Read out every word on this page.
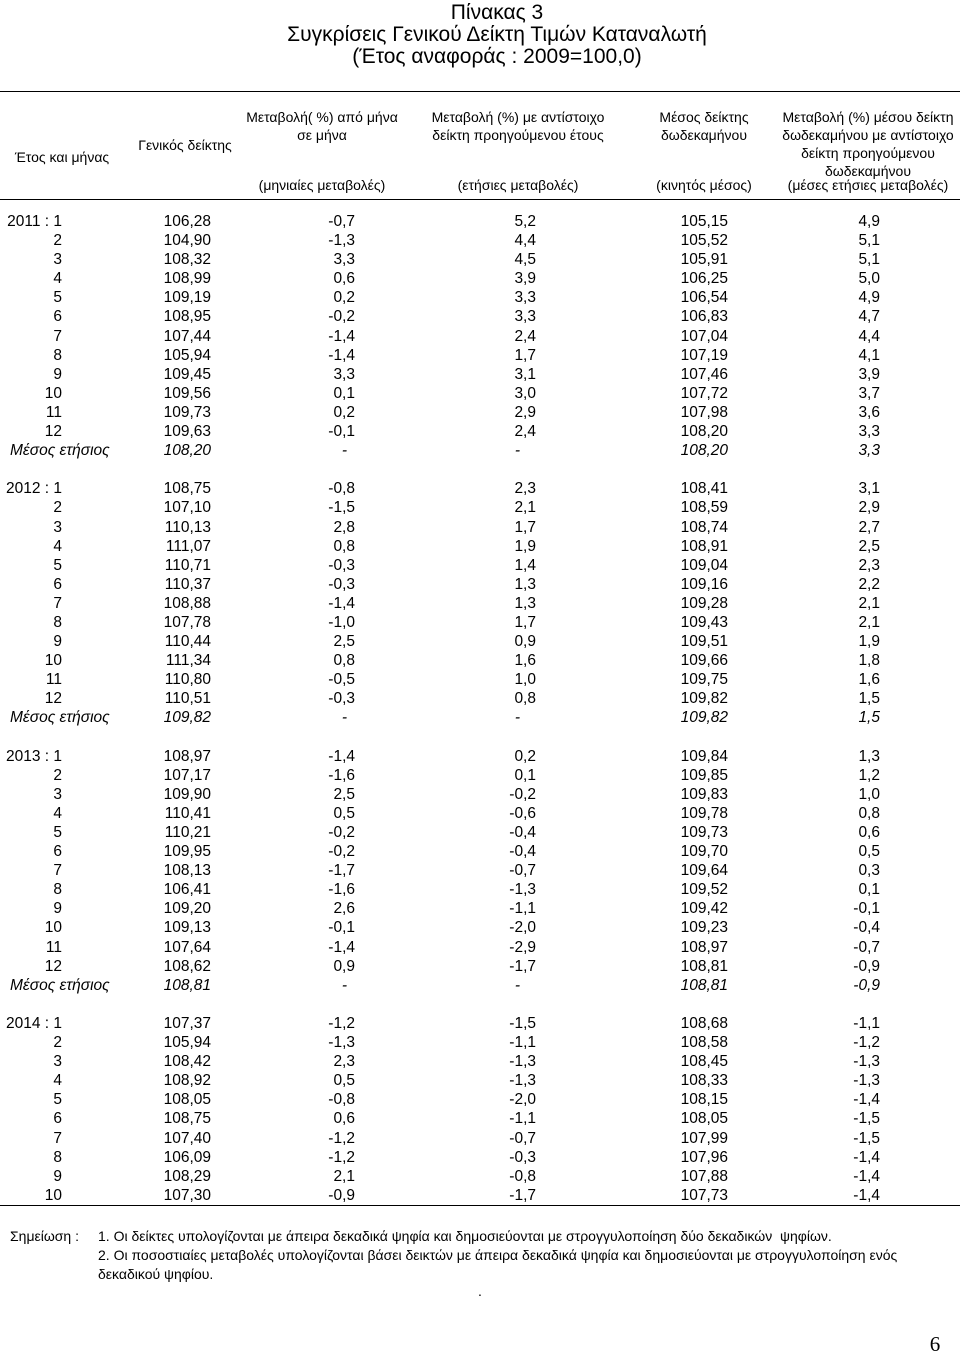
Πίνακας 3
Συγκρίσεις Γενικού Δείκτη Τιμών Καταναλωτή
(Έτος αναφοράς : 2009=100,0)
Έτος και μήνας
Γενικός δείκτης
Μεταβολή( %) από μήνα
σε μήνα
(μηνιαίες μεταβολές)
Μεταβολή (%) με αντίστοιχο
δείκτη προηγούμενου έτους
(ετήσιες μεταβολές)
Μέσος δείκτης
δωδεκαμήνου
(κινητός μέσος)
Μεταβολή (%) μέσου δείκτη
δωδεκαμήνου με αντίστοιχο
δείκτη προηγούμενου
δωδεκαμήνου
(μέσες ετήσιες μεταβολές)
2011 : 1	106,28	-0,7	5,2	105,15	4,9
2	104,90	-1,3	4,4	105,52	5,1
3	108,32	3,3	4,5	105,91	5,1
4	108,99	0,6	3,9	106,25	5,0
5	109,19	0,2	3,3	106,54	4,9
6	108,95	-0,2	3,3	106,83	4,7
7	107,44	-1,4	2,4	107,04	4,4
8	105,94	-1,4	1,7	107,19	4,1
9	109,45	3,3	3,1	107,46	3,9
10	109,56	0,1	3,0	107,72	3,7
11	109,73	0,2	2,9	107,98	3,6
12	109,63	-0,1	2,4	108,20	3,3
Μέσος ετήσιος	108,20	-	-	108,20	3,3
2012 : 1	108,75	-0,8	2,3	108,41	3,1
2	107,10	-1,5	2,1	108,59	2,9
3	110,13	2,8	1,7	108,74	2,7
4	111,07	0,8	1,9	108,91	2,5
5	110,71	-0,3	1,4	109,04	2,3
6	110,37	-0,3	1,3	109,16	2,2
7	108,88	-1,4	1,3	109,28	2,1
8	107,78	-1,0	1,7	109,43	2,1
9	110,44	2,5	0,9	109,51	1,9
10	111,34	0,8	1,6	109,66	1,8
11	110,80	-0,5	1,0	109,75	1,6
12	110,51	-0,3	0,8	109,82	1,5
Μέσος ετήσιος	109,82	-	-	109,82	1,5
2013 : 1	108,97	-1,4	0,2	109,84	1,3
2	107,17	-1,6	0,1	109,85	1,2
3	109,90	2,5	-0,2	109,83	1,0
4	110,41	0,5	-0,6	109,78	0,8
5	110,21	-0,2	-0,4	109,73	0,6
6	109,95	-0,2	-0,4	109,70	0,5
7	108,13	-1,7	-0,7	109,64	0,3
8	106,41	-1,6	-1,3	109,52	0,1
9	109,20	2,6	-1,1	109,42	-0,1
10	109,13	-0,1	-2,0	109,23	-0,4
11	107,64	-1,4	-2,9	108,97	-0,7
12	108,62	0,9	-1,7	108,81	-0,9
Μέσος ετήσιος	108,81	-	-	108,81	-0,9
2014 : 1	107,37	-1,2	-1,5	108,68	-1,1
2	105,94	-1,3	-1,1	108,58	-1,2
3	108,42	2,3	-1,3	108,45	-1,3
4	108,92	0,5	-1,3	108,33	-1,3
5	108,05	-0,8	-2,0	108,15	-1,4
6	108,75	0,6	-1,1	108,05	-1,5
7	107,40	-1,2	-0,7	107,99	-1,5
8	106,09	-1,2	-0,3	107,96	-1,4
9	108,29	2,1	-0,8	107,88	-1,4
10	107,30	-0,9	-1,7	107,73	-1,4
Σημείωση : 1. Οι δείκτες υπολογίζονται με άπειρα δεκαδικά ψηφία και δημοσιεύονται με στρογγυλοποίηση δύο δεκαδικών  ψηφίων.
2. Οι ποσοστιαίες μεταβολές υπολογίζονται βάσει δεικτών με άπειρα δεκαδικά ψηφία και δημοσιεύονται με στρογγυλοποίηση ενός δεκαδικού ψηφίου.
.
6
